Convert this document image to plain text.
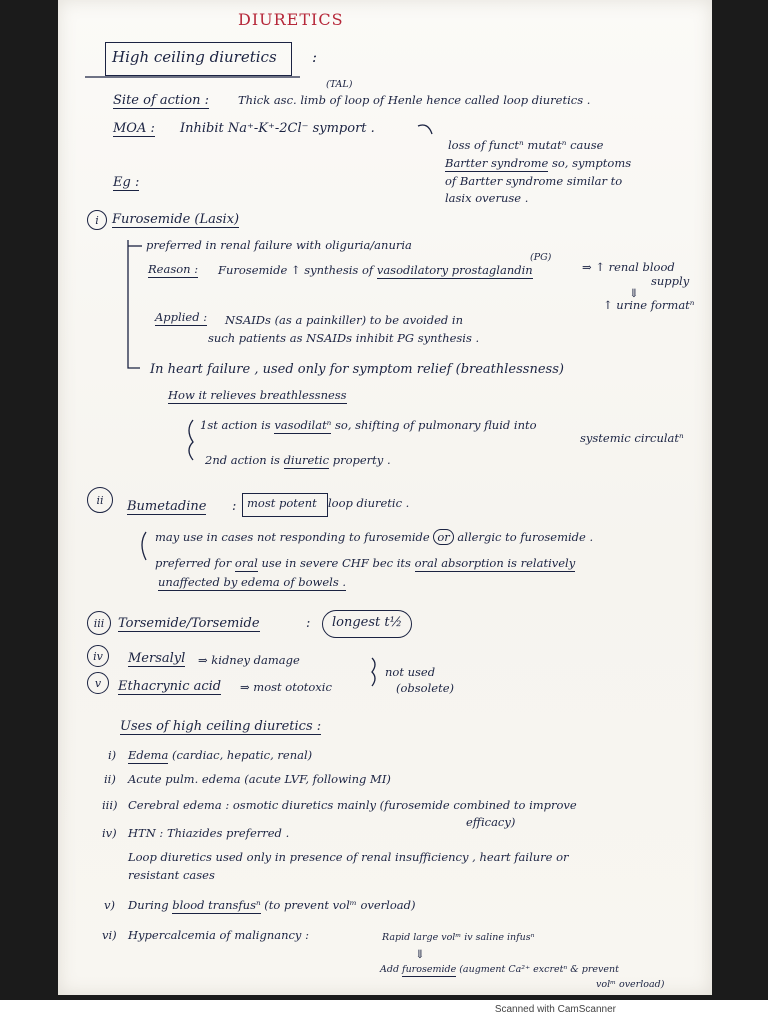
DIURETICS
High ceiling diuretics :
(TAL)
Site of action :	Thick asc. limb of loop of Henle hence called loop diuretics .
MOA : Inhibit Na⁺-K⁺-2Cl⁻ symport .
loss of functⁿ mutatⁿ cause
Bartter syndrome so, symptoms
of Bartter syndrome similar to
lasix overuse .
Eg :
i	Furosemide (Lasix)
preferred in renal failure with oliguria/anuria
(PG)
Reason : Furosemide ↑ synthesis of vasodilatory prostaglandin	⇒ ↑ renal blood
supply
⇓
↑ urine formatⁿ
Applied : NSAIDs (as a painkiller) to be avoided in
such patients as NSAIDs inhibit PG synthesis .
In heart failure , used only for symptom relief (breathlessness)
How it relieves breathlessness
1st action is vasodilatⁿ so, shifting of pulmonary fluid into
systemic circulatⁿ
2nd action is diuretic property .
ii	Bumetadine : most potent loop diuretic .
may use in cases not responding to furosemide or allergic to furosemide .
preferred for oral use in severe CHF bec its oral absorption is relatively
unaffected by edema of bowels .
iii	Torsemide/Torsemide	: longest t½
iv	Mersalyl ⇒ kidney damage
v	Ethacrynic acid ⇒ most ototoxic
not used
(obsolete)
Uses of high ceiling diuretics :
i) Edema (cardiac, hepatic, renal)
ii) Acute pulm. edema (acute LVF, following MI)
iii) Cerebral edema : osmotic diuretics mainly (furosemide combined to improve
efficacy)
iv) HTN : Thiazides preferred .
Loop diuretics used only in presence of renal insufficiency , heart failure or
resistant cases
v) During blood transfusⁿ (to prevent volᵐ overload)
vi) Hypercalcemia of malignancy :	Rapid large volᵐ iv saline infusⁿ
⇓
Add furosemide (augment Ca²⁺ excretⁿ & prevent
volᵐ overload)
Scanned with CamScanner
